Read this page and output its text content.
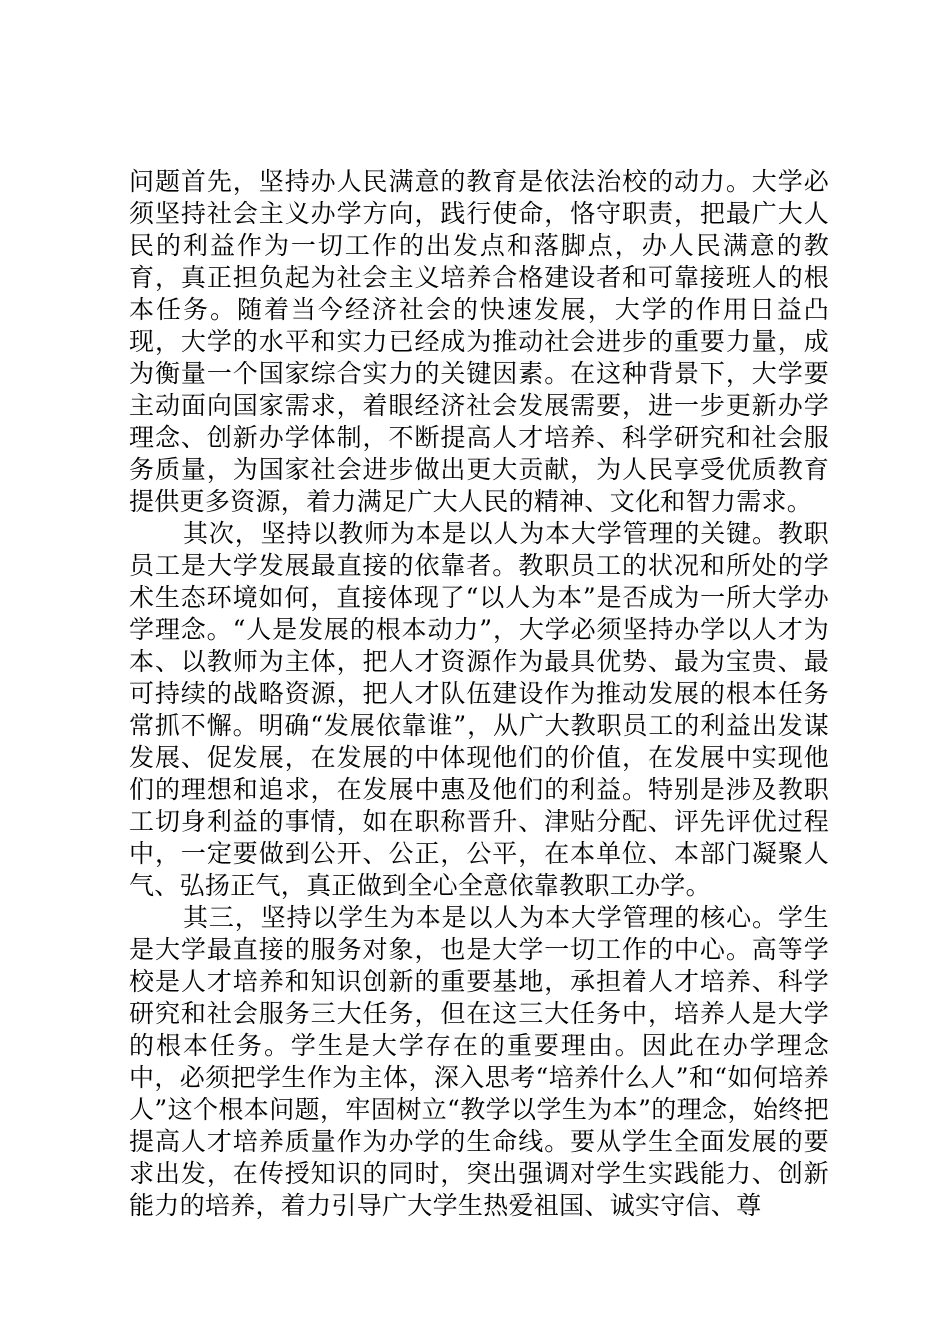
问题首先，坚持办人民满意的教育是依法治校的动力。大学必须坚持社会主义办学方向，践行使命，恪守职责，把最广大人民的利益作为一切工作的出发点和落脚点，办人民满意的教育，真正担负起为社会主义培养合格建设者和可靠接班人的根本任务。随着当今经济社会的快速发展，大学的作用日益凸现，大学的水平和实力已经成为推动社会进步的重要力量，成为衡量一个国家综合实力的关键因素。在这种背景下，大学要主动面向国家需求，着眼经济社会发展需要，进一步更新办学理念、创新办学体制，不断提高人才培养、科学研究和社会服务质量，为国家社会进步做出更大贡献，为人民享受优质教育提供更多资源，着力满足广大人民的精神、文化和智力需求。

其次，坚持以教师为本是以人为本大学管理的关键。教职员工是大学发展最直接的依靠者。教职员工的状况和所处的学术生态环境如何，直接体现了“以人为本”是否成为一所大学办学理念。“人是发展的根本动力”，大学必须坚持办学以人才为本、以教师为主体，把人才资源作为最具优势、最为宝贵、最可持续的战略资源，把人才队伍建设作为推动发展的根本任务常抓不懈。明确“发展依靠谁”，从广大教职员工的利益出发谋发展、促发展，在发展的中体现他们的价值，在发展中实现他们的理想和追求，在发展中惠及他们的利益。特别是涉及教职工切身利益的事情，如在职称晋升、津贴分配、评先评优过程中，一定要做到公开、公正，公平，在本单位、本部门凝聚人气、弘扬正气，真正做到全心全意依靠教职工办学。

其三，坚持以学生为本是以人为本大学管理的核心。学生是大学最直接的服务对象，也是大学一切工作的中心。高等学校是人才培养和知识创新的重要基地，承担着人才培养、科学研究和社会服务三大任务，但在这三大任务中，培养人是大学的根本任务。学生是大学存在的重要理由。因此在办学理念中，必须把学生作为主体，深入思考“培养什么人”和“如何培养人”这个根本问题，牢固树立“教学以学生为本”的理念，始终把提高人才培养质量作为办学的生命线。要从学生全面发展的要求出发，在传授知识的同时，突出强调对学生实践能力、创新能力的培养，着力引导广大学生热爱祖国、诚实守信、尊
